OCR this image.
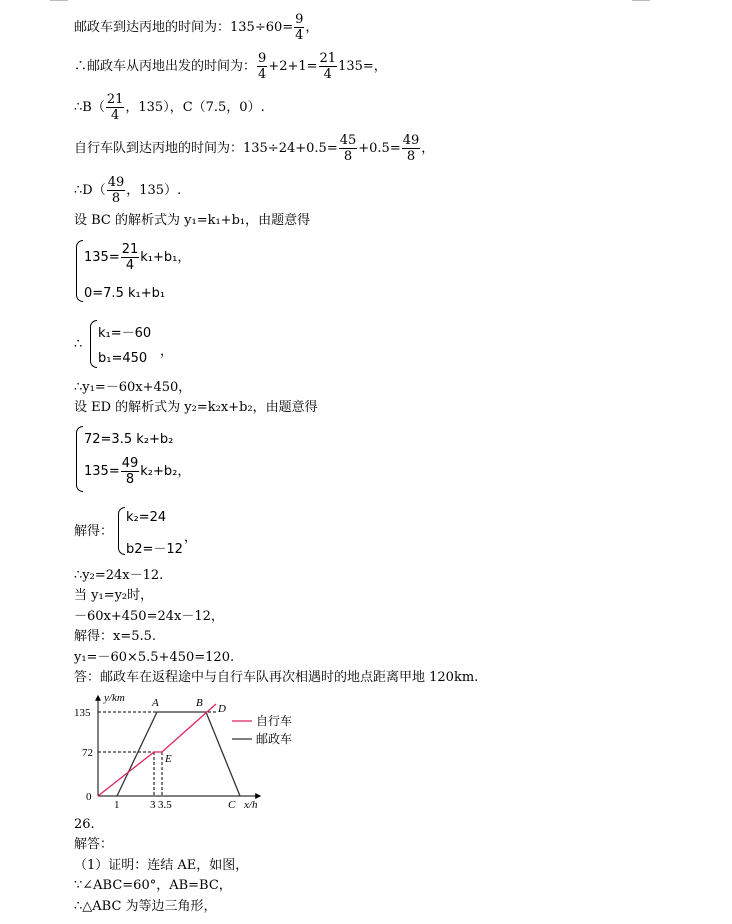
邮政车到达丙地的时间为：$135\div 60= \frac{9}{4}$ ，
∴邮政车从丙地出发的时间为： $\frac{9}{4} +2+1= \frac{21}{4} 135=$，
∴B（ $\frac{21}{4}$ ，135），C（7.5，0）.
自行车队到达丙地的时间为：$135\div 24+0.5= \frac{45}{8} +0.5= \frac{49}{8}$ ，
∴D（ $\frac{49}{8}$ ，135）.
设 BC 的解析式为 y₁=k₁+b₁，由题意得
$135= \frac{21}{4} k_1+b_1$，
0=7.5 k₁+b₁
∴
k₁=－60
b₁=450 ，
∴y₁=－60x+450，
设 ED 的解析式为 y₂=k₂x+b₂，由题意得
72=3.5 k₂+b₂
$135= \frac{49}{8} k_2+b_2$，
解得：
k₂=24
b2=－12
，
∴y₂=24x－12.
当 y₁=y₂时，
－60x+450=24x－12，
解得：x=5.5.
y₁=－60×5.5+450=120.
答：邮政车在返程途中与自行车队再次相遇时的地点距离甲地 120km.
y/km
x/h
135
72
0
1	3 3.5
A	B D
E
C
自行车
邮政车
26.
解答：
（1）证明：连结 AE，如图，
∵∠ABC=60°，AB=BC，
∴△ABC 为等边三角形，
